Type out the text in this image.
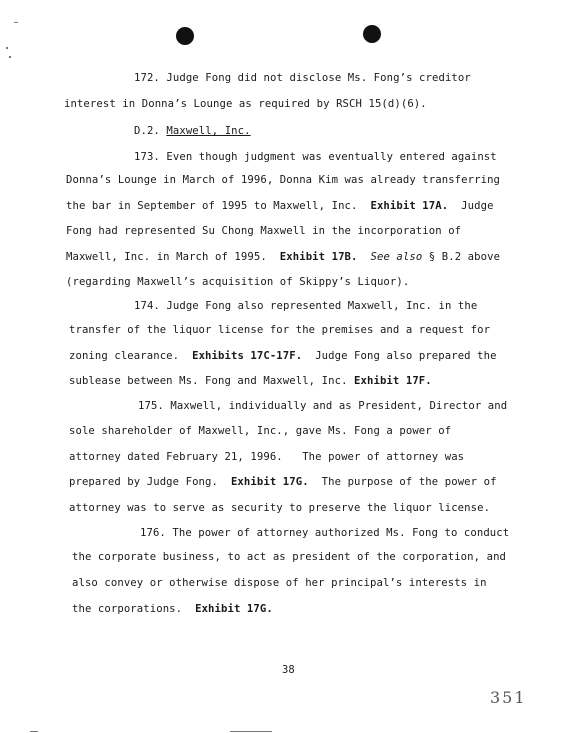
172. Judge Fong did not disclose Ms. Fong’s creditor
interest in Donna’s Lounge as required by RSCH 15(d)(6).
D.2. Maxwell, Inc.
173. Even though judgment was eventually entered against
Donna’s Lounge in March of 1996, Donna Kim was already transferring
the bar in September of 1995 to Maxwell, Inc.  Exhibit 17A.  Judge
Fong had represented Su Chong Maxwell in the incorporation of
Maxwell, Inc. in March of 1995.  Exhibit 17B. See also § B.2 above
(regarding Maxwell’s acquisition of Skippy’s Liquor).
174. Judge Fong also represented Maxwell, Inc. in the
transfer of the liquor license for the premises and a request for
zoning clearance.  Exhibits 17C-17F.  Judge Fong also prepared the
sublease between Ms. Fong and Maxwell, Inc. Exhibit 17F.
175. Maxwell, individually and as President, Director and
sole shareholder of Maxwell, Inc., gave Ms. Fong a power of
attorney dated February 21, 1996.   The power of attorney was
prepared by Judge Fong.  Exhibit 17G.  The purpose of the power of
attorney was to serve as security to preserve the liquor license.
176. The power of attorney authorized Ms. Fong to conduct
the corporate business, to act as president of the corporation, and
also convey or otherwise dispose of her principal’s interests in
the corporations.  Exhibit 17G.
38
351
